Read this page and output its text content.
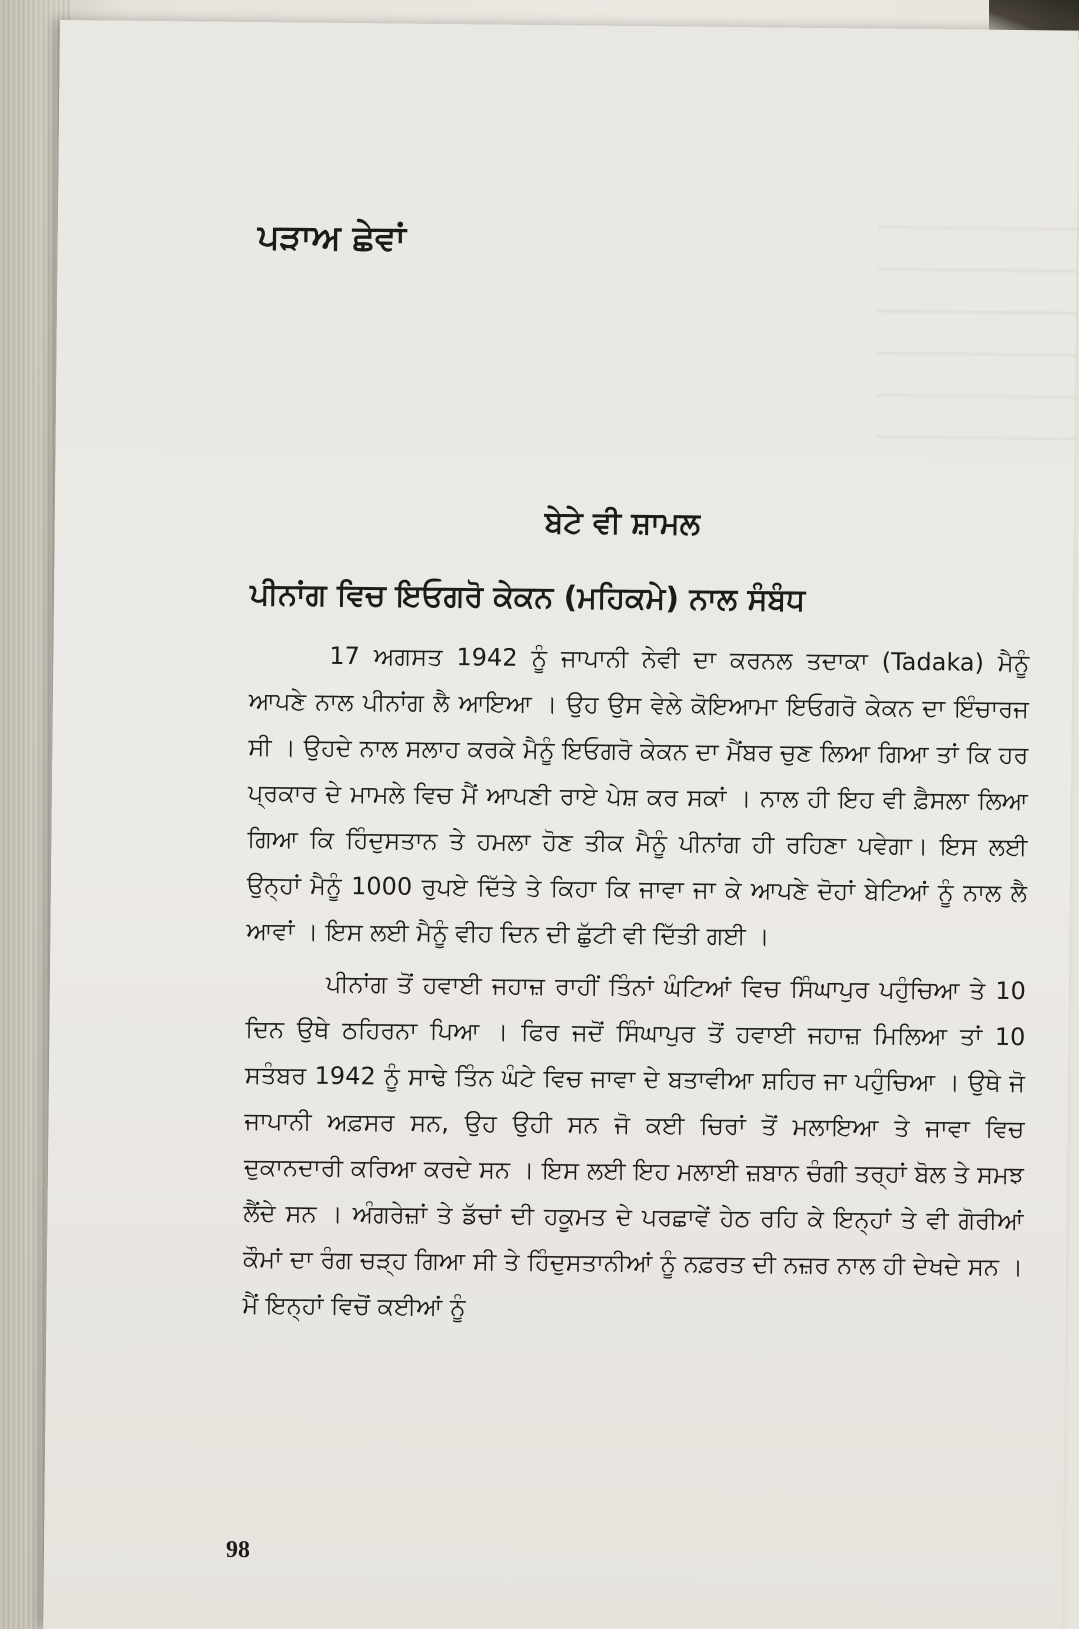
ਪੜਾਅ ਛੇਵਾਂ
ਬੇਟੇ ਵੀ ਸ਼ਾਮਲ
ਪੀਨਾਂਗ ਵਿਚ ਇਓਗਰੋ ਕੇਕਨ (ਮਹਿਕਮੇ) ਨਾਲ ਸੰਬੰਧ

17 ਅਗਸਤ 1942 ਨੂੰ ਜਾਪਾਨੀ ਨੇਵੀ ਦਾ ਕਰਨਲ ਤਦਾਕਾ (Tadaka) ਮੈਨੂੰ ਆਪਣੇ ਨਾਲ ਪੀਨਾਂਗ ਲੈ ਆਇਆ । ਉਹ ਉਸ ਵੇਲੇ ਕੋਇਆਮਾ ਇਓਗਰੋ ਕੇਕਨ ਦਾ ਇੰਚਾਰਜ ਸੀ । ਉਹਦੇ ਨਾਲ ਸਲਾਹ ਕਰਕੇ ਮੈਨੂੰ ਇਓਗਰੋ ਕੇਕਨ ਦਾ ਮੈਂਬਰ ਚੁਣ ਲਿਆ ਗਿਆ ਤਾਂ ਕਿ ਹਰ ਪ੍ਰਕਾਰ ਦੇ ਮਾਮਲੇ ਵਿਚ ਮੈਂ ਆਪਣੀ ਰਾਏ ਪੇਸ਼ ਕਰ ਸਕਾਂ । ਨਾਲ ਹੀ ਇਹ ਵੀ ਫ਼ੈਸਲਾ ਲਿਆ ਗਿਆ ਕਿ ਹਿੰਦੁਸਤਾਨ ਤੇ ਹਮਲਾ ਹੋਣ ਤੀਕ ਮੈਨੂੰ ਪੀਨਾਂਗ ਹੀ ਰਹਿਣਾ ਪਵੇਗਾ। ਇਸ ਲਈ ਉਨ੍ਹਾਂ ਮੈਨੂੰ 1000 ਰੁਪਏ ਦਿੱਤੇ ਤੇ ਕਿਹਾ ਕਿ ਜਾਵਾ ਜਾ ਕੇ ਆਪਣੇ ਦੋਹਾਂ ਬੇਟਿਆਂ ਨੂੰ ਨਾਲ ਲੈ ਆਵਾਂ । ਇਸ ਲਈ ਮੈਨੂੰ ਵੀਹ ਦਿਨ ਦੀ ਛੁੱਟੀ ਵੀ ਦਿੱਤੀ ਗਈ ।

ਪੀਨਾਂਗ ਤੋਂ ਹਵਾਈ ਜਹਾਜ਼ ਰਾਹੀਂ ਤਿੰਨਾਂ ਘੰਟਿਆਂ ਵਿਚ ਸਿੰਘਾਪੁਰ ਪਹੁੰਚਿਆ ਤੇ 10 ਦਿਨ ਉਥੇ ਠਹਿਰਨਾ ਪਿਆ । ਫਿਰ ਜਦੋਂ ਸਿੰਘਾਪੁਰ ਤੋਂ ਹਵਾਈ ਜਹਾਜ਼ ਮਿਲਿਆ ਤਾਂ 10 ਸਤੰਬਰ 1942 ਨੂੰ ਸਾਢੇ ਤਿੰਨ ਘੰਟੇ ਵਿਚ ਜਾਵਾ ਦੇ ਬਤਾਵੀਆ ਸ਼ਹਿਰ ਜਾ ਪਹੁੰਚਿਆ । ਉਥੇ ਜੋ ਜਾਪਾਨੀ ਅਫ਼ਸਰ ਸਨ, ਉਹ ਉਹੀ ਸਨ ਜੋ ਕਈ ਚਿਰਾਂ ਤੋਂ ਮਲਾਇਆ ਤੇ ਜਾਵਾ ਵਿਚ ਦੁਕਾਨਦਾਰੀ ਕਰਿਆ ਕਰਦੇ ਸਨ । ਇਸ ਲਈ ਇਹ ਮਲਾਈ ਜ਼ਬਾਨ ਚੰਗੀ ਤਰ੍ਹਾਂ ਬੋਲ ਤੇ ਸਮਝ ਲੈਂਦੇ ਸਨ । ਅੰਗਰੇਜ਼ਾਂ ਤੇ ਡੱਚਾਂ ਦੀ ਹਕੂਮਤ ਦੇ ਪਰਛਾਵੇਂ ਹੇਠ ਰਹਿ ਕੇ ਇਨ੍ਹਾਂ ਤੇ ਵੀ ਗੋਰੀਆਂ ਕੌਮਾਂ ਦਾ ਰੰਗ ਚੜ੍ਹ ਗਿਆ ਸੀ ਤੇ ਹਿੰਦੁਸਤਾਨੀਆਂ ਨੂੰ ਨਫ਼ਰਤ ਦੀ ਨਜ਼ਰ ਨਾਲ ਹੀ ਦੇਖਦੇ ਸਨ । ਮੈਂ ਇਨ੍ਹਾਂ ਵਿਚੋਂ ਕਈਆਂ ਨੂੰ

98
